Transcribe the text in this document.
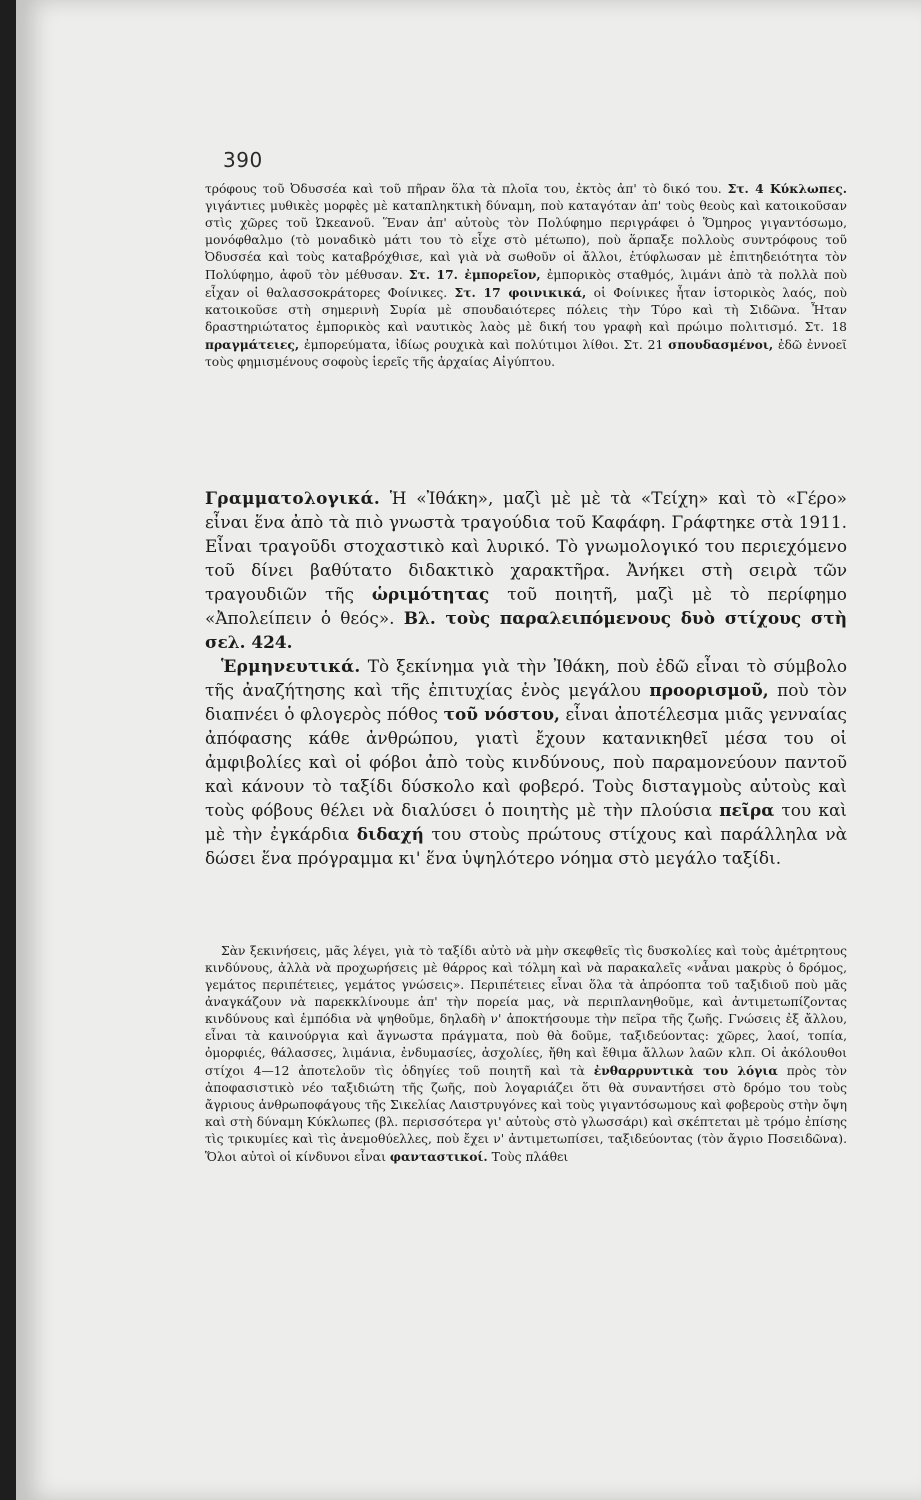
390
τρόφους τοῦ Ὀδυσσέα καὶ τοῦ πῆραν ὅλα τὰ πλοῖα του, ἐκτὸς ἀπ' τὸ δικό του. Στ. 4 Κύκλωπες. γιγάντιες μυθικὲς μορφὲς μὲ καταπληκτικὴ δύναμη, ποὺ καταγόταν ἀπ' τοὺς θεοὺς καὶ κατοικοῦσαν στὶς χῶρες τοῦ Ὠκεανοῦ. Ἕναν ἀπ' αὐτοὺς τὸν Πολύφημο περιγράφει ὁ Ὅμηρος γιγαντόσωμο, μονόφθαλμο (τὸ μοναδικὸ μάτι του τὸ εἶχε στὸ μέτωπο), ποὺ ἅρπαξε πολλοὺς συντρόφους τοῦ Ὀδυσσέα καὶ τοὺς καταβρόχθισε, καὶ γιὰ νὰ σωθοῦν οἱ ἄλλοι, ἐτύφλωσαν μὲ ἐπιτηδειότητα τὸν Πολύφημο, ἀφοῦ τὸν μέθυσαν. Στ. 17. ἐμπορεῖον, ἐμπορικὸς σταθμός, λιμάνι ἀπὸ τὰ πολλὰ ποὺ εἶχαν οἱ θαλασσοκράτορες Φοίνικες. Στ. 17 φοινικικά, οἱ Φοίνικες ἦταν ἱστορικὸς λαός, ποὺ κατοικοῦσε στὴ σημερινὴ Συρία μὲ σπουδαιότερες πόλεις τὴν Τύρο καὶ τὴ Σιδῶνα. Ἦταν δραστηριώτατος ἐμπορικὸς καὶ ναυτικὸς λαὸς μὲ δική του γραφὴ καὶ πρώιμο πολιτισμό. Στ. 18 πραγμάτειες, ἐμπορεύματα, ἰδίως ρουχικὰ καὶ πολύτιμοι λίθοι. Στ. 21 σπουδασμένοι, ἐδῶ ἐννοεῖ τοὺς φημισμένους σοφοὺς ἱερεῖς τῆς ἀρχαίας Αἰγύπτου.

Γραμματολογικά. Ἡ «Ἰθάκη», μαζὶ μὲ μὲ τὰ «Τείχη» καὶ τὸ «Γέρο» εἶναι ἕνα ἀπὸ τὰ πιὸ γνωστὰ τραγούδια τοῦ Καφάφη. Γράφτηκε στὰ 1911. Εἶναι τραγοῦδι στοχαστικὸ καὶ λυρικό. Τὸ γνωμολογικό του περιεχόμενο τοῦ δίνει βαθύτατο διδακτικὸ χαρακτῆρα. Ἀνήκει στὴ σειρὰ τῶν τραγουδιῶν τῆς ὡριμότητας τοῦ ποιητῆ, μαζὶ μὲ τὸ περίφημο «Ἀπολείπειν ὁ θεός». Βλ. τοὺς παραλειπόμενους δυὸ στίχους στὴ σελ. 424.

Ἑρμηνευτικά. Τὸ ξεκίνημα γιὰ τὴν Ἰθάκη, ποὺ ἐδῶ εἶναι τὸ σύμβολο τῆς ἀναζήτησης καὶ τῆς ἐπιτυχίας ἑνὸς μεγάλου προορισμοῦ, ποὺ τὸν διαπνέει ὁ φλογερὸς πόθος τοῦ νόστου, εἶναι ἀποτέλεσμα μιᾶς γενναίας ἀπόφασης κάθε ἀνθρώπου, γιατὶ ἔχουν κατανικηθεῖ μέσα του οἱ ἀμφιβολίες καὶ οἱ φόβοι ἀπὸ τοὺς κινδύνους, ποὺ παραμονεύουν παντοῦ καὶ κάνουν τὸ ταξίδι δύσκολο καὶ φοβερό. Τοὺς δισταγμοὺς αὐτοὺς καὶ τοὺς φόβους θέλει νὰ διαλύσει ὁ ποιητὴς μὲ τὴν πλούσια πεῖρα του καὶ μὲ τὴν ἐγκάρδια διδαχή του στοὺς πρώτους στίχους καὶ παράλληλα νὰ δώσει ἕνα πρόγραμμα κι' ἕνα ὑψηλότερο νόημα στὸ μεγάλο ταξίδι.

Σὰν ξεκινήσεις, μᾶς λέγει, γιὰ τὸ ταξίδι αὐτὸ νὰ μὴν σκεφθεῖς τὶς δυσκολίες καὶ τοὺς ἀμέτρητους κινδύνους, ἀλλὰ νὰ προχωρήσεις μὲ θάρρος καὶ τόλμη καὶ νὰ παρακαλεῖς «νἆναι μακρὺς ὁ δρόμος, γεμάτος περιπέτειες, γεμάτος γνώσεις». Περιπέτειες εἶναι ὅλα τὰ ἀπρόοπτα τοῦ ταξιδιοῦ ποὺ μᾶς ἀναγκάζουν νὰ παρεκκλίνουμε ἀπ' τὴν πορεία μας, νὰ περιπλανηθοῦμε, καὶ ἀντιμετωπίζοντας κινδύνους καὶ ἐμπόδια νὰ ψηθοῦμε, δηλαδὴ ν' ἀποκτήσουμε τὴν πεῖρα τῆς ζωῆς. Γνώσεις ἐξ ἄλλου, εἶναι τὰ καινούργια καὶ ἄγνωστα πράγματα, ποὺ θὰ δοῦμε, ταξιδεύοντας: χῶρες, λαοί, τοπία, ὀμορφιές, θάλασσες, λιμάνια, ἐνδυμασίες, ἀσχολίες, ἤθη καὶ ἔθιμα ἄλλων λαῶν κλπ. Οἱ ἀκόλουθοι στίχοι 4—12 ἀποτελοῦν τὶς ὁδηγίες τοῦ ποιητῆ καὶ τὰ ἐνθαρρυντικὰ του λόγια πρὸς τὸν ἀποφασιστικὸ νέο ταξιδιώτη τῆς ζωῆς, ποὺ λογαριάζει ὅτι θὰ συναντήσει στὸ δρόμο του τοὺς ἄγριους ἀνθρωποφάγους τῆς Σικελίας Λαιστρυγόνες καὶ τοὺς γιγαντόσωμους καὶ φοβεροὺς στὴν ὄψη καὶ στὴ δύναμη Κύκλωπες (βλ. περισσότερα γι' αὐτοὺς στὸ γλωσσάρι) καὶ σκέπτεται μὲ τρόμο ἐπίσης τὶς τρικυμίες καὶ τὶς ἀνεμοθύελλες, ποὺ ἔχει ν' ἀντιμετωπίσει, ταξιδεύοντας (τὸν ἄγριο Ποσειδῶνα). Ὅλοι αὐτοὶ οἱ κίνδυνοι εἶναι φανταστικοί. Τοὺς πλάθει
